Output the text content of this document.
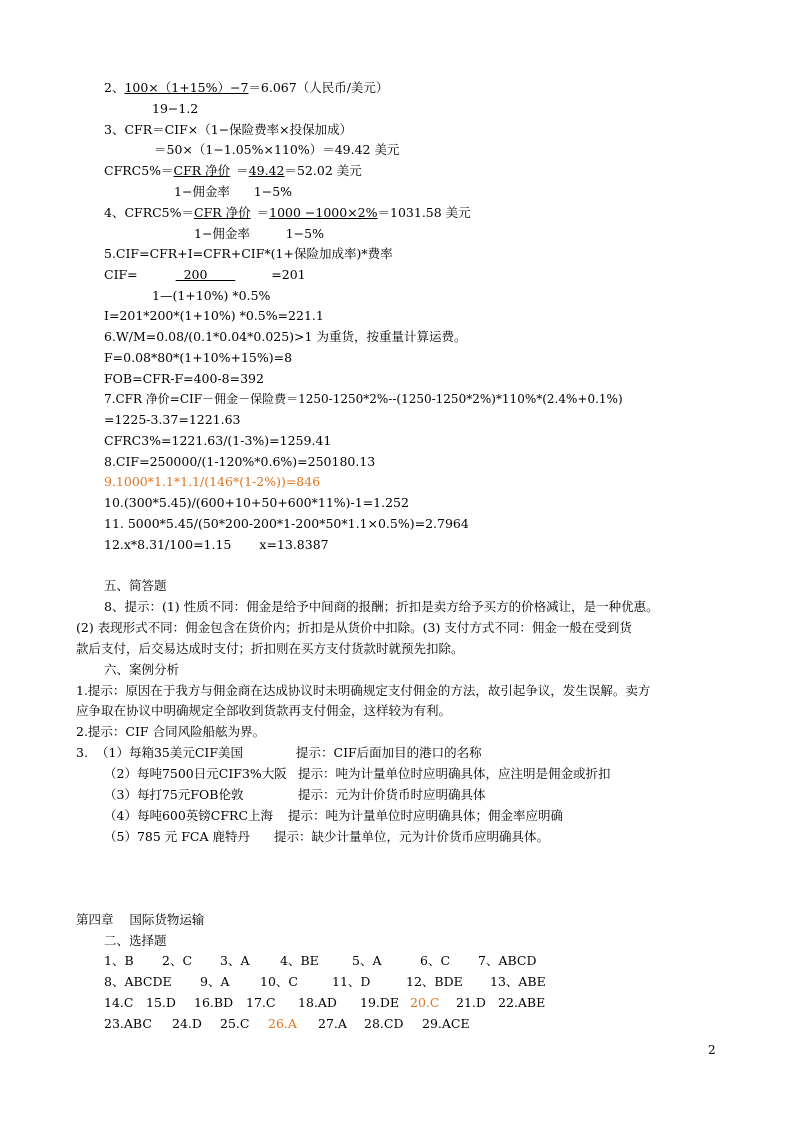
2、100×（1+15%）−7＝6.067（人民币/美元）
19−1.2
3、CFR＝CIF×（1−保险费率×投保加成）
＝50×（1−1.05%×110%）＝49.42 美元
CFRC5%＝CFR 净价 ＝49.42＝52.02 美元
1−佣金率      1−5%
4、CFRC5%＝CFR 净价 ＝1000 −1000×2%＝1031.58 美元
1−佣金率         1−5%
5.CIF=CFR+I=CFR+CIF*(1+保险加成率)*费率
CIF=	200	=201
1—(1+10%) *0.5%
I=201*200*(1+10%) *0.5%=221.1
6.W/M=0.08/(0.1*0.04*0.025)>1 为重货，按重量计算运费。
F=0.08*80*(1+10%+15%)=8
FOB=CFR-F=400-8=392
7.CFR 净价=CIF－佣金－保险费＝1250-1250*2%--(1250-1250*2%)*110%*(2.4%+0.1%)
=1225-3.37=1221.63
CFRC3%=1221.63/(1-3%)=1259.41
8.CIF=250000/(1-120%*0.6%)=250180.13
9.1000*1.1*1.1/(146*(1-2%))=846
10.(300*5.45)/(600+10+50+600*11%)-1=1.252
11. 5000*5.45/(50*200-200*1-200*50*1.1×0.5%)=2.7964
12.x*8.31/100=1.15 x=13.8387
五、简答题
8、提示：(1) 性质不同：佣金是给予中间商的报酬；折扣是卖方给予买方的价格减让，是一种优惠。
(2) 表现形式不同：佣金包含在货价内；折扣是从货价中扣除。(3) 支付方式不同：佣金一般在受到货
款后支付，后交易达成时支付；折扣则在买方支付货款时就预先扣除。
六、案例分析
1.提示：原因在于我方与佣金商在达成协议时未明确规定支付佣金的方法，故引起争议，发生误解。卖方
应争取在协议中明确规定全部收到货款再支付佣金，这样较为有利。
2.提示：CIF 合同风险船舷为界。
3. （1）每箱35美元CIF美国	提示：CIF后面加目的港口的名称
（2）每吨7500日元CIF3%大阪 提示：吨为计量单位时应明确具体，应注明是佣金或折扣
（3）每打75元FOB伦敦	提示：元为计价货币时应明确具体
（4）每吨600英镑CFRC上海 提示：吨为计量单位时应明确具体；佣金率应明确
（5）785 元 FCA 鹿特丹 提示：缺少计量单位，元为计价货币应明确具体。
第四章    国际货物运输
二、选择题
1、B 2、C 3、A 4、BE	5、A	6、C 7、ABCD
8、ABCDE 9、A 10、C	11、D	12、BDE 13、ABE
14.C 15.D 16.BD 17.C 18.AD 19.DE 20.C 21.D 22.ABE
23.ABC 24.D 25.C 26.A 27.A 28.CD 29.ACE
2
